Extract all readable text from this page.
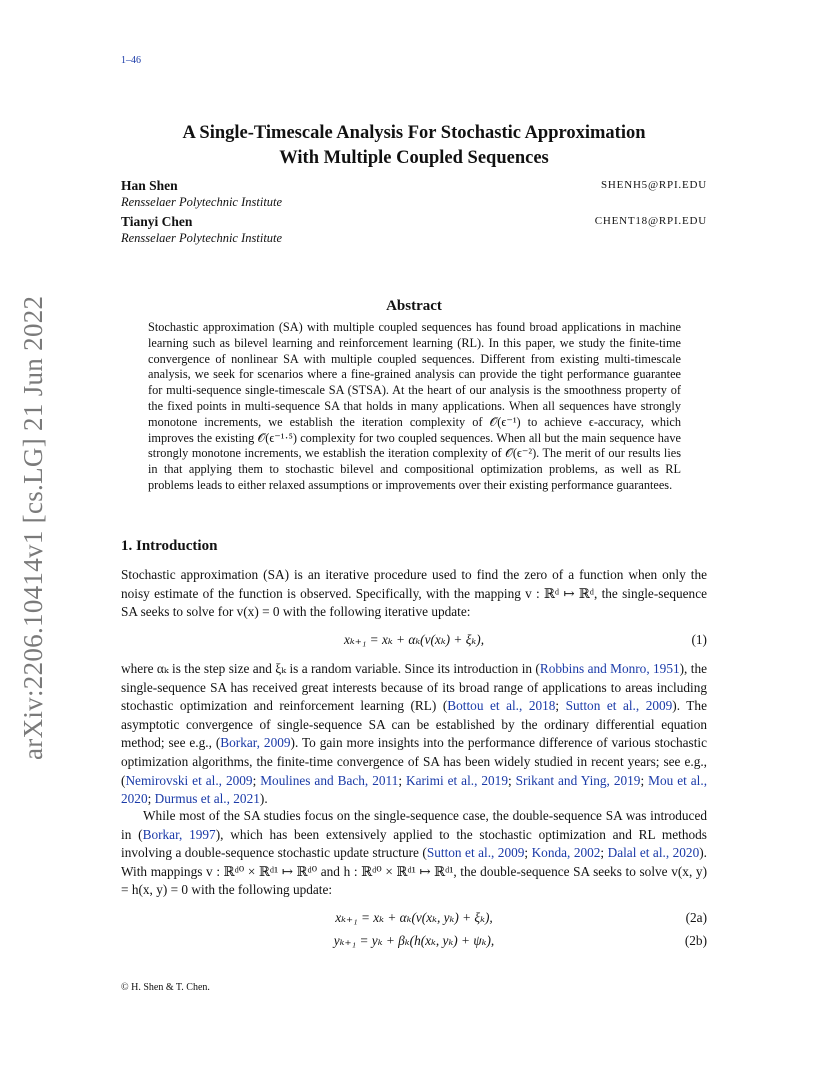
1–46
arXiv:2206.10414v1 [cs.LG] 21 Jun 2022
A Single-Timescale Analysis For Stochastic Approximation
With Multiple Coupled Sequences
Han Shen	SHENH5@RPI.EDU
Rensselaer Polytechnic Institute
Tianyi Chen	CHENT18@RPI.EDU
Rensselaer Polytechnic Institute
Abstract
Stochastic approximation (SA) with multiple coupled sequences has found broad applications in machine learning such as bilevel learning and reinforcement learning (RL). In this paper, we study the finite-time convergence of nonlinear SA with multiple coupled sequences. Different from existing multi-timescale analysis, we seek for scenarios where a fine-grained analysis can provide the tight performance guarantee for multi-sequence single-timescale SA (STSA). At the heart of our analysis is the smoothness property of the fixed points in multi-sequence SA that holds in many applications. When all sequences have strongly monotone increments, we establish the iteration complexity of 𝒪(ϵ⁻¹) to achieve ϵ-accuracy, which improves the existing 𝒪(ϵ⁻¹·⁵) complexity for two coupled sequences. When all but the main sequence have strongly monotone increments, we establish the iteration complexity of 𝒪(ϵ⁻²). The merit of our results lies in that applying them to stochastic bilevel and compositional optimization problems, as well as RL problems leads to either relaxed assumptions or improvements over their existing performance guarantees.
1. Introduction
Stochastic approximation (SA) is an iterative procedure used to find the zero of a function when only the noisy estimate of the function is observed. Specifically, with the mapping v : ℝᵈ ↦ ℝᵈ, the single-sequence SA seeks to solve for v(x) = 0 with the following iterative update:
xₖ₊₁ = xₖ + αₖ(v(xₖ) + ξₖ),	(1)
where αₖ is the step size and ξₖ is a random variable. Since its introduction in (Robbins and Monro, 1951), the single-sequence SA has received great interests because of its broad range of applications to areas including stochastic optimization and reinforcement learning (RL) (Bottou et al., 2018; Sutton et al., 2009). The asymptotic convergence of single-sequence SA can be established by the ordinary differential equation method; see e.g., (Borkar, 2009). To gain more insights into the performance difference of various stochastic optimization algorithms, the finite-time convergence of SA has been widely studied in recent years; see e.g., (Nemirovski et al., 2009; Moulines and Bach, 2011; Karimi et al., 2019; Srikant and Ying, 2019; Mou et al., 2020; Durmus et al., 2021).
While most of the SA studies focus on the single-sequence case, the double-sequence SA was introduced in (Borkar, 1997), which has been extensively applied to the stochastic optimization and RL methods involving a double-sequence stochastic update structure (Sutton et al., 2009; Konda, 2002; Dalal et al., 2020). With mappings v : ℝᵈ⁰ × ℝᵈ¹ ↦ ℝᵈ⁰ and h : ℝᵈ⁰ × ℝᵈ¹ ↦ ℝᵈ¹, the double-sequence SA seeks to solve v(x, y) = h(x, y) = 0 with the following update:
xₖ₊₁ = xₖ + αₖ(v(xₖ, yₖ) + ξₖ),	(2a)
yₖ₊₁ = yₖ + βₖ(h(xₖ, yₖ) + ψₖ),	(2b)
© H. Shen & T. Chen.
